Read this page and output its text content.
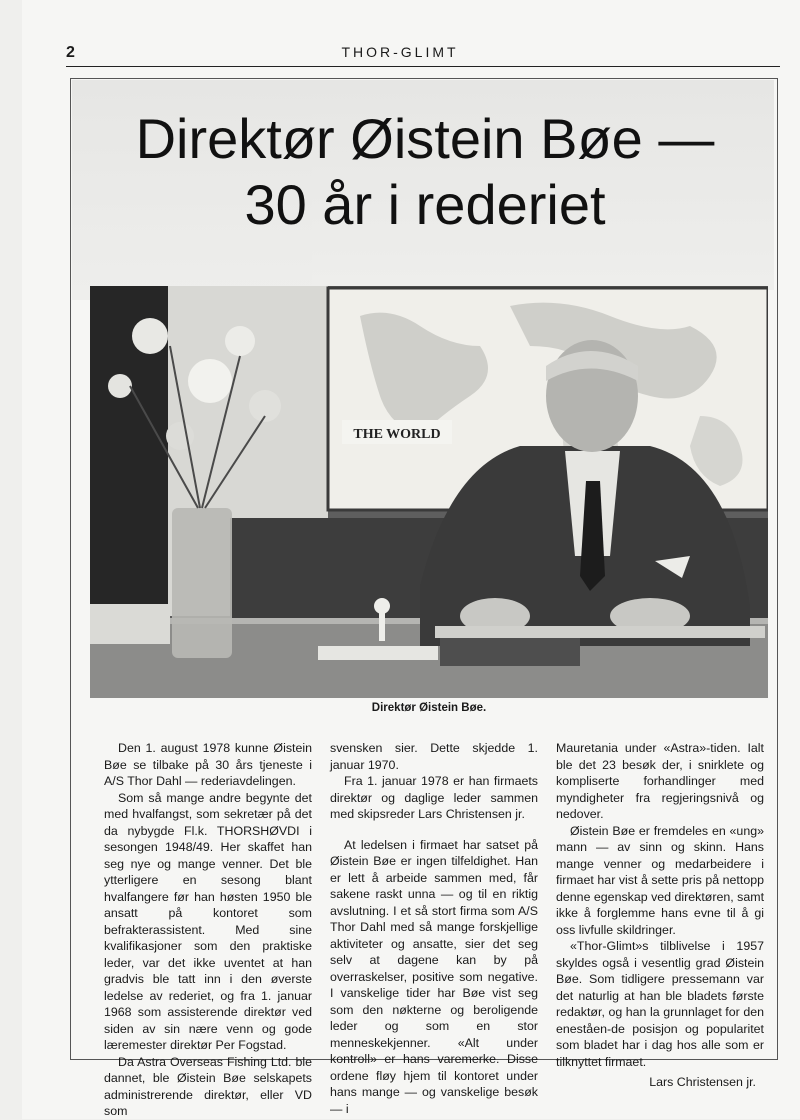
2	THOR-GLIMT
Direktør Øistein Bøe —
30 år i rederiet
THE WORLD
Direktør Øistein Bøe.

Den 1. august 1978 kunne Øistein Bøe se tilbake på 30 års tjeneste i A/S Thor Dahl — rederiavdelingen.

Som så mange andre begynte det med hvalfangst, som sekretær på det da nybygde Fl.k. THORSHØVDI i sesongen 1948/49. Her skaffet han seg nye og mange venner. Det ble ytterligere en sesong blant hvalfangere før han høsten 1950 ble ansatt på kontoret som befrakterassistent. Med sine kvalifikasjoner som den praktiske leder, var det ikke uventet at han gradvis ble tatt inn i den øverste ledelse av rederiet, og fra 1. januar 1968 som assisterende direktør ved siden av sin nære venn og gode læremester direktør Per Fogstad.

Da Astra Overseas Fishing Ltd. ble dannet, ble Øistein Bøe selskapets administrerende direktør, eller VD som

svensken sier. Dette skjedde 1. januar 1970.

Fra 1. januar 1978 er han firmaets direktør og daglige leder sammen med skipsreder Lars Christensen jr.

At ledelsen i firmaet har satset på Øistein Bøe er ingen tilfeldighet. Han er lett å arbeide sammen med, får sakene raskt unna — og til en riktig avslutning. I et så stort firma som A/S Thor Dahl med så mange forskjellige aktiviteter og ansatte, sier det seg selv at dagene kan by på overraskelser, positive som negative. I vanskelige tider har Bøe vist seg som den nøkterne og beroligende leder og som en stor menneskekjenner. «Alt under kontroll» er hans varemerke. Disse ordene fløy hjem til kontoret under hans mange — og vanskelige besøk — i

Mauretania under «Astra»-tiden. Ialt ble det 23 besøk der, i snirklete og kompliserte forhandlinger med myndigheter fra regjeringsnivå og nedover.

Øistein Bøe er fremdeles en «ung» mann — av sinn og skinn. Hans mange venner og medarbeidere i firmaet har vist å sette pris på nettopp denne egenskap ved direktøren, samt ikke å forglemme hans evne til å gi oss livfulle skildringer.

«Thor-Glimt»s tilblivelse i 1957 skyldes også i vesentlig grad Øistein Bøe. Som tidligere pressemann var det naturlig at han ble bladets første redaktør, og han la grunnlaget for den eneståen-de posisjon og popularitet som bladet har i dag hos alle som er tilknyttet firmaet.

Lars Christensen jr.
